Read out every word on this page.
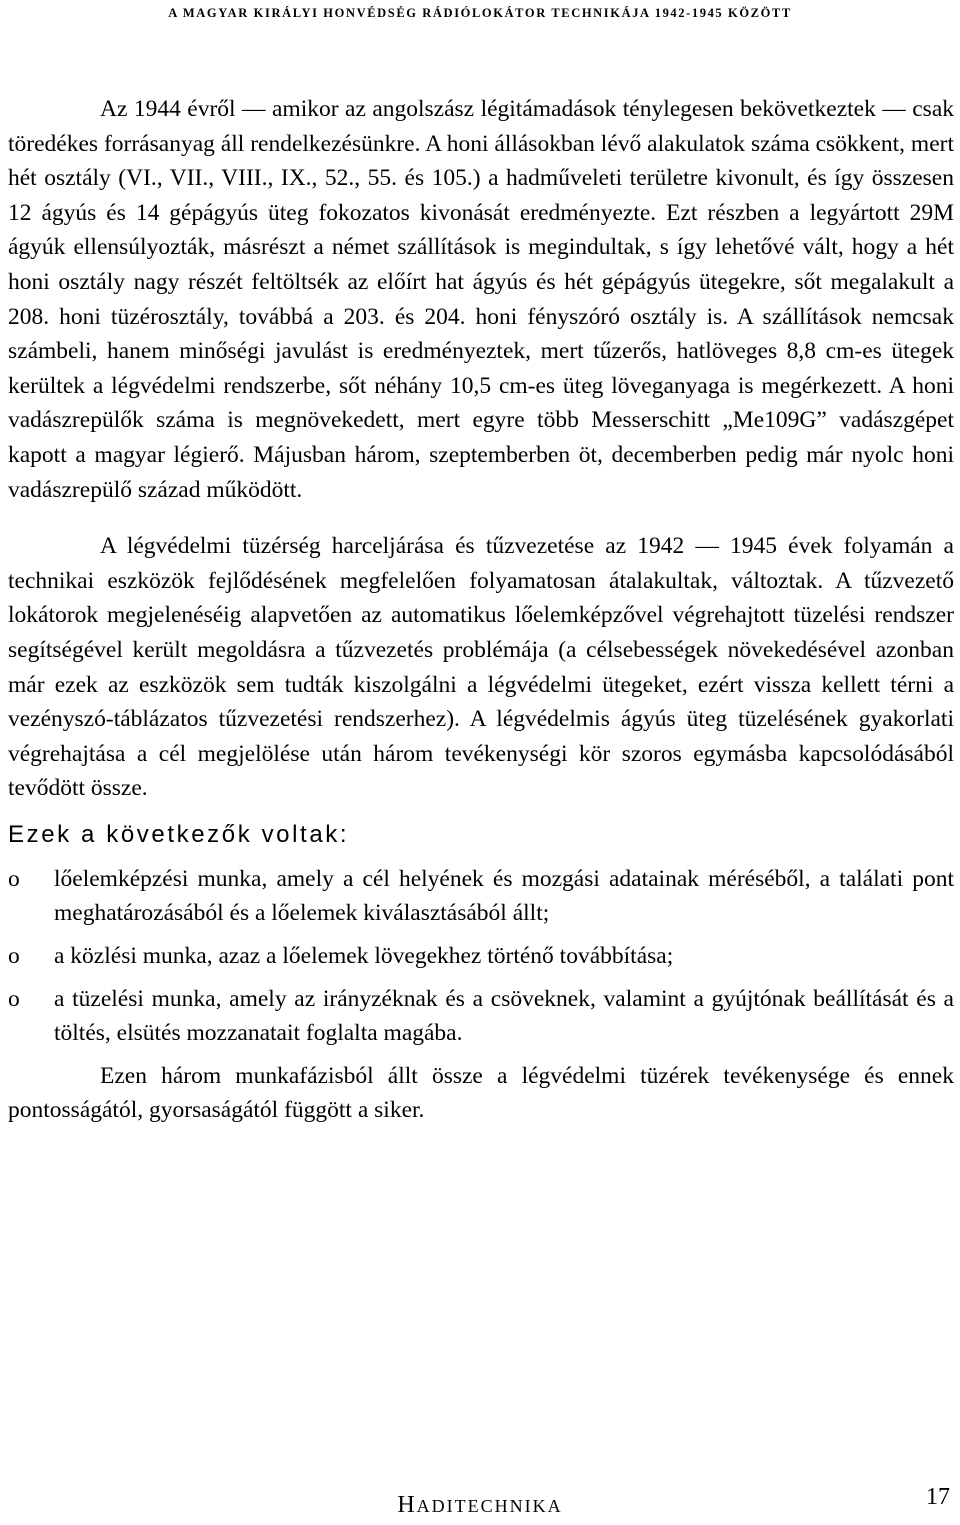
A MAGYAR KIRÁLYI HONVÉDSÉG RÁDIÓLOKÁTOR TECHNIKÁJA 1942-1945 KÖZÖTT

Az 1944 évről — amikor az angolszász légitámadások ténylegesen bekövetkeztek — csak töredékes forrásanyag áll rendelkezésünkre. A honi állásokban lévő alakulatok száma csökkent, mert hét osztály (VI., VII., VIII., IX., 52., 55. és 105.) a hadműveleti területre kivonult, és így összesen 12 ágyús és 14 gépágyús üteg fokozatos kivonását eredményezte. Ezt részben a legyártott 29M ágyúk ellensúlyozták, másrészt a német szállítások is megindultak, s így lehetővé vált, hogy a hét honi osztály nagy részét feltöltsék az előírt hat ágyús és hét gépágyús ütegekre, sőt megalakult a 208. honi tüzérosztály, továbbá a 203. és 204. honi fényszóró osztály is. A szállítások nemcsak számbeli, hanem minőségi javulást is eredményeztek, mert tűzerős, hatlöveges 8,8 cm-es ütegek kerültek a légvédelmi rendszerbe, sőt néhány 10,5 cm-es üteg löveganyaga is megérkezett. A honi vadászrepülők száma is megnövekedett, mert egyre több Messerschitt „Me109G” vadászgépet kapott a magyar légierő. Májusban három, szeptemberben öt, decemberben pedig már nyolc honi vadászrepülő század működött.

A légvédelmi tüzérség harceljárása és tűzvezetése az 1942 — 1945 évek folyamán a technikai eszközök fejlődésének megfelelően folyamatosan átalakultak, változtak. A tűzvezető lokátorok megjelenéséig alapvetően az automatikus lőelemképzővel végrehajtott tüzelési rendszer segítségével került megoldásra a tűzvezetés problémája (a célsebességek növekedésével azonban már ezek az eszközök sem tudták kiszolgálni a légvédelmi ütegeket, ezért vissza kellett térni a vezényszó-táblázatos tűzvezetési rendszerhez). A légvédelmis ágyús üteg tüzelésének gyakorlati végrehajtása a cél megjelölése után három tevékenységi kör szoros egymásba kapcsolódásából tevődött össze.

Ezek a következők voltak:
o	lőelemképzési munka, amely a cél helyének és mozgási adatainak méréséből, a találati pont meghatározásából és a lőelemek kiválasztásából állt;
o	a közlési munka, azaz a lőelemek lövegekhez történő továbbítása;
o	a tüzelési munka, amely az irányzéknak és a csöveknek, valamint a gyújtónak beállítását és a töltés, elsütés mozzanatait foglalta magába.

Ezen három munkafázisból állt össze a légvédelmi tüzérek tevékenysége és ennek pontosságától, gyorsaságától függött a siker.

HADITECHNIKA	17
